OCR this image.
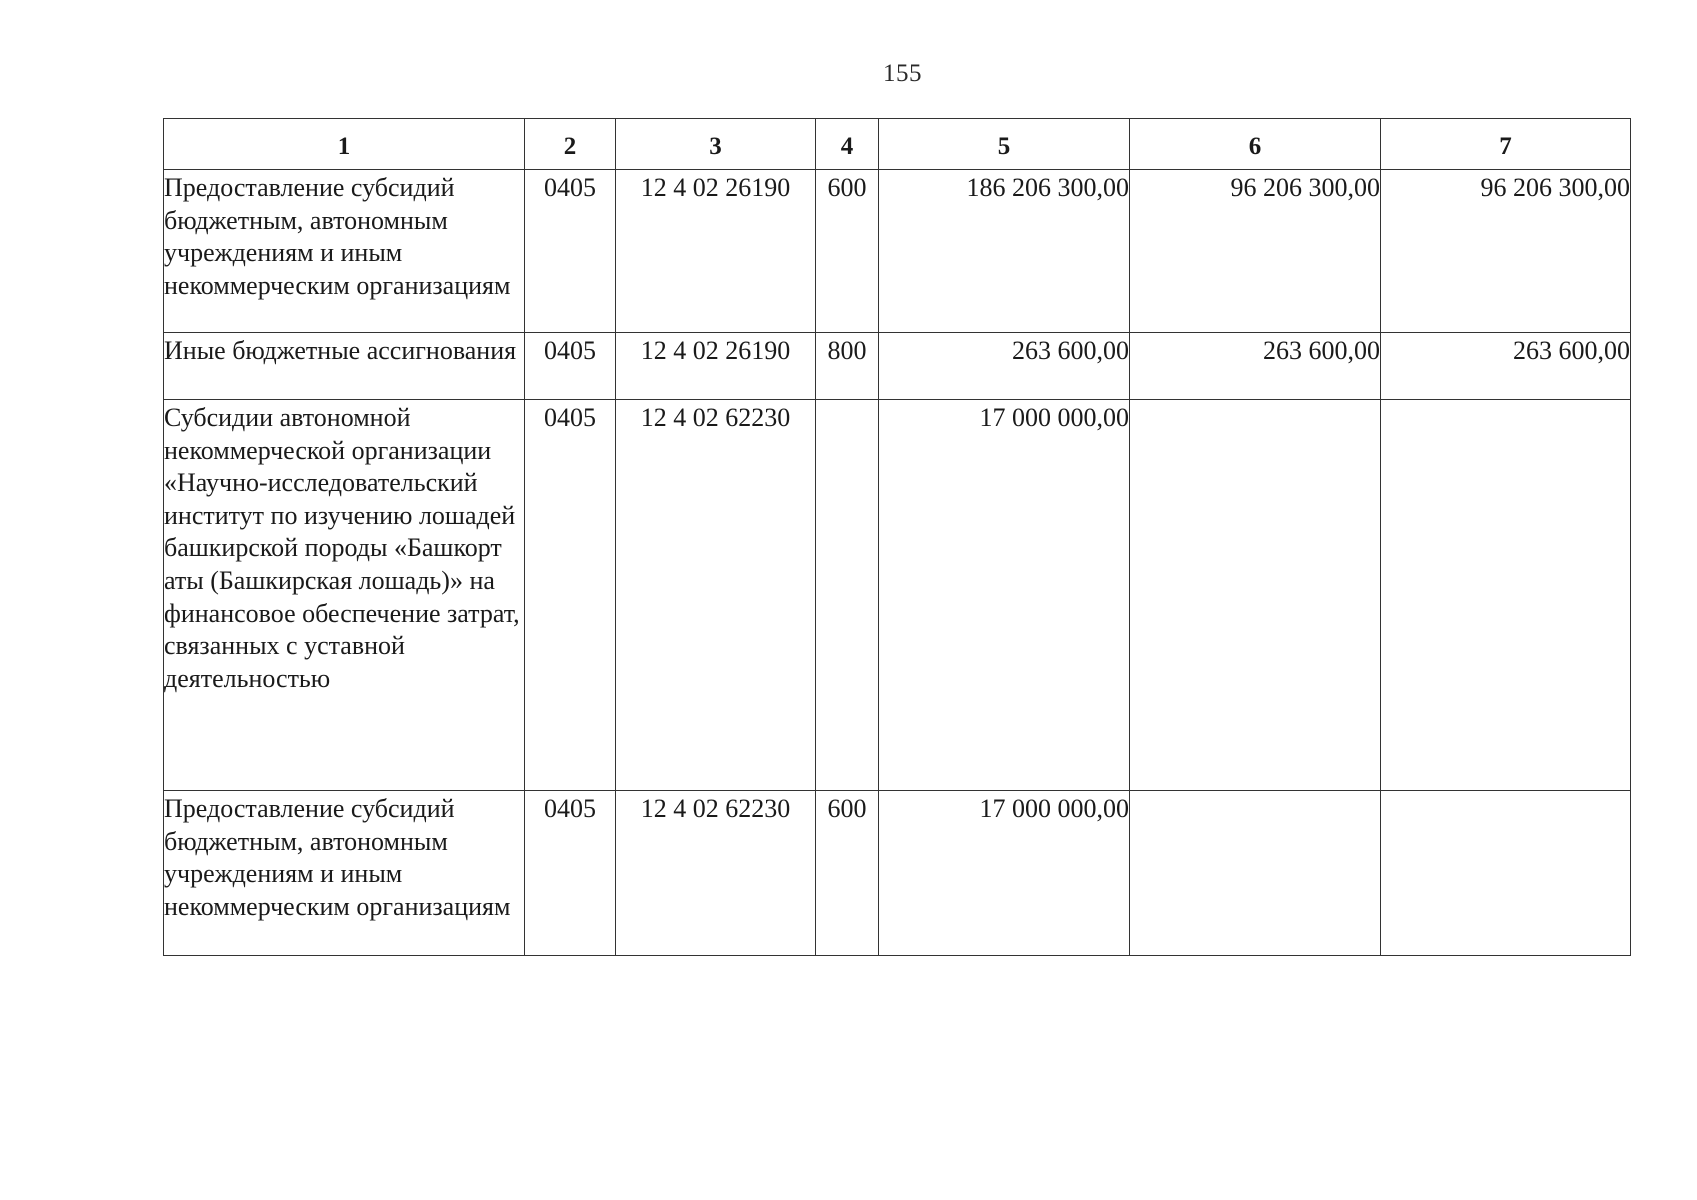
155
1	2	3	4	5	6	7

Предоставление субсидий бюджетным, автономным учреждениям и иным некоммерческим организациям	0405	12 4 02 26190	600	186 206 300,00	96 206 300,00	96 206 300,00

Иные бюджетные ассигнования	0405	12 4 02 26190	800	263 600,00	263 600,00	263 600,00

Субсидии автономной некоммерческой организации «Научно-исследовательский институт по изучению лошадей башкирской породы «Башкорт аты (Башкирская лошадь)» на финансовое обеспечение затрат, связанных с уставной деятельностью	0405	12 4 02 62230		17 000 000,00		

Предоставление субсидий бюджетным, автономным учреждениям и иным некоммерческим организациям	0405	12 4 02 62230	600	17 000 000,00		
